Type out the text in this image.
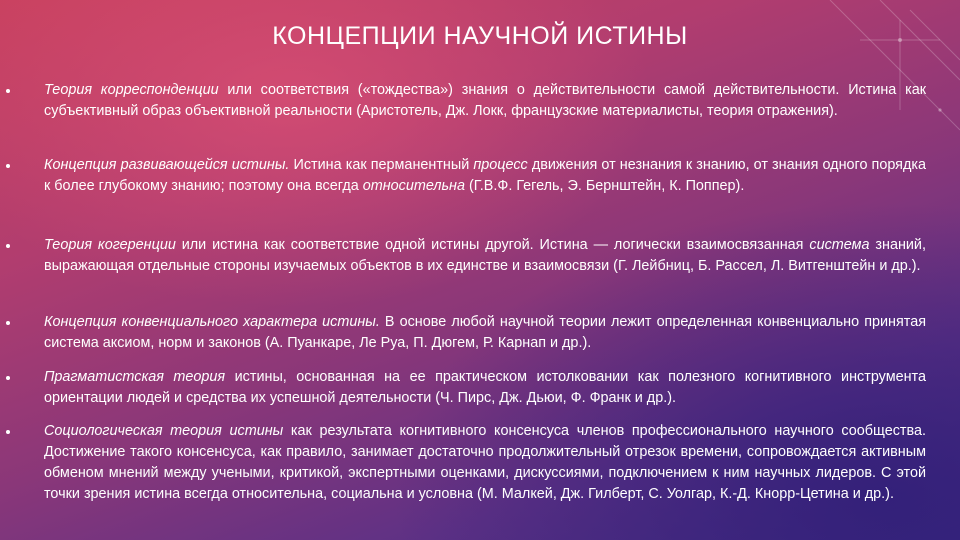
КОНЦЕПЦИИ НАУЧНОЙ ИСТИНЫ

Теория корреспонденции или соответствия («тождества») знания о действительности самой действительности. Истина как субъективный образ объективной реальности (Аристотель, Дж. Локк, французские материалисты, теория отражения).

Концепция развивающейся истины. Истина как перманентный процесс движения от незнания к знанию, от знания одного порядка к более глубокому знанию; поэтому она всегда относительна (Г.В.Ф. Гегель, Э. Бернштейн, К. Поппер).

Теория когеренции или истина как соответствие одной истины другой. Истина — логически взаимосвязанная система знаний, выражающая отдельные стороны изучаемых объектов в их единстве и взаимосвязи (Г. Лейбниц, Б. Рассел, Л. Витгенштейн и др.).

Концепция конвенциального характера истины. В основе любой научной теории лежит определенная конвенциально принятая система аксиом, норм и законов (А. Пуанкаре, Ле Руа, П. Дюгем, Р. Карнап и др.).

Прагматистская теория истины, основанная на ее практическом истолковании как полезного когнитивного инструмента ориентации людей и средства их успешной деятельности (Ч. Пирс, Дж. Дьюи, Ф. Франк и др.).

Социологическая теория истины как результата когнитивного консенсуса членов профессионального научного сообщества. Достижение такого консенсуса, как правило, занимает достаточно продолжительный отрезок времени, сопровождается активным обменом мнений между учеными, критикой, экспертными оценками, дискуссиями, подключением к ним научных лидеров. С этой точки зрения истина всегда относительна, социальна и условна (М. Малкей, Дж. Гилберт, С. Уолгар, К.-Д. Кнорр-Цетина и др.).
